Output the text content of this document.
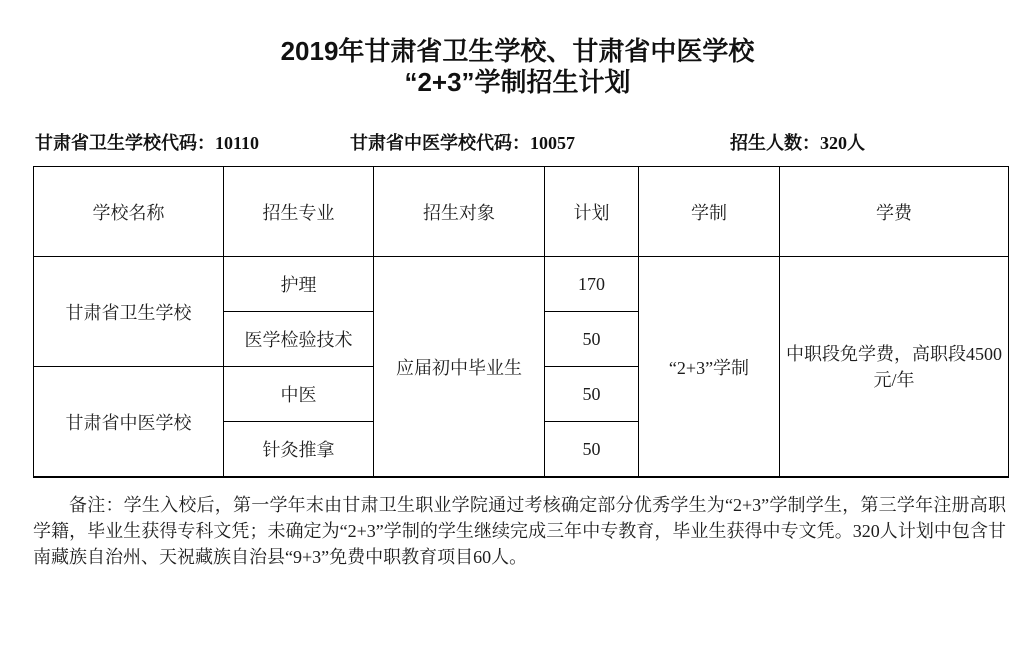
2019年甘肃省卫生学校、甘肃省中医学校
“2+3”学制招生计划
甘肃省卫生学校代码：10110	甘肃省中医学校代码：10057	招生人数：320人
学校名称	招生专业	招生对象	计划	学制	学费
甘肃省卫生学校	护理	应届初中毕业生	170	“2+3”学制	中职段免学费，高职段4500元/年
	医学检验技术		50		
甘肃省中医学校	中医		50		
	针灸推拿		50		

备注：学生入校后，第一学年末由甘肃卫生职业学院通过考核确定部分优秀学生为“2+3”学制学生，第三学年注册高职学籍，毕业生获得专科文凭；未确定为“2+3”学制的学生继续完成三年中专教育，毕业生获得中专文凭。320人计划中包含甘南藏族自治州、天祝藏族自治县“9+3”免费中职教育项目60人。
